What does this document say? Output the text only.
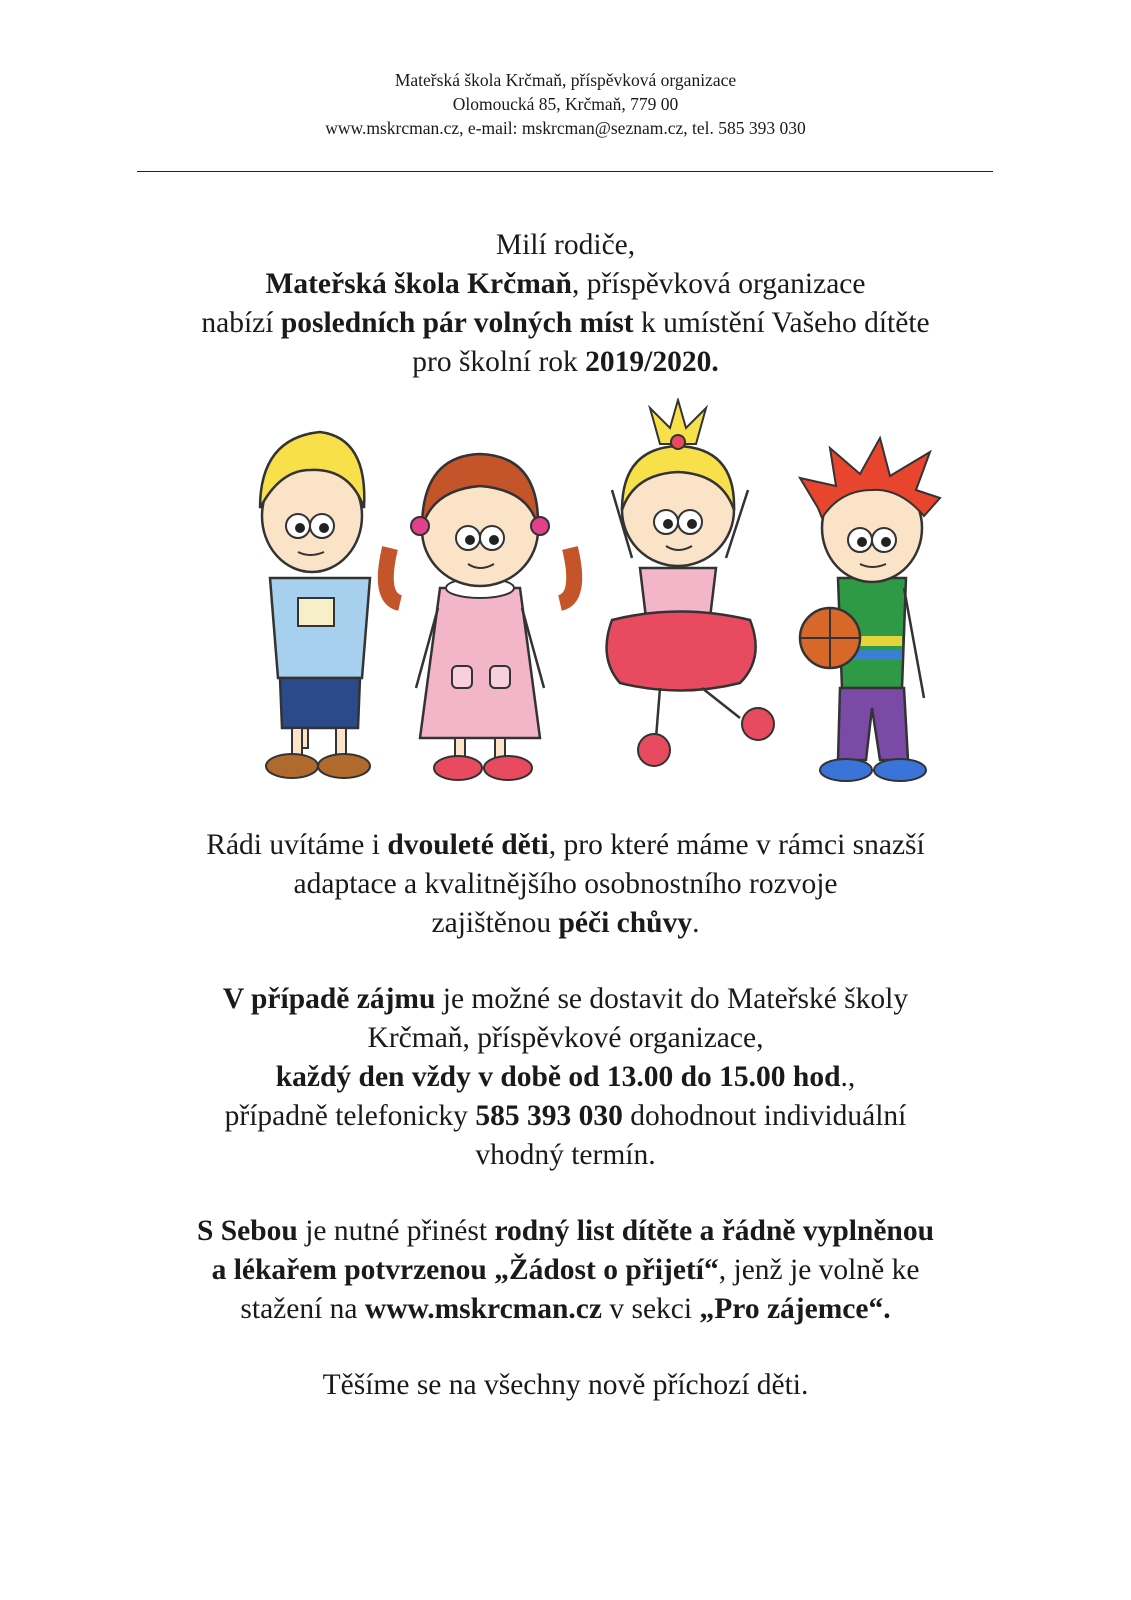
Mateřská škola Krčmaň, příspěvková organizace
Olomoucká 85, Krčmaň, 779 00
www.mskrcman.cz, e-mail: mskrcman@seznam.cz, tel. 585 393 030

Milí rodiče,

Mateřská škola Krčmaň, příspěvková organizace

nabízí posledních pár volných míst k umístění Vašeho dítěte

pro školní rok 2019/2020.

Rádi uvítáme i dvouleté děti, pro které máme v rámci snazší

adaptace a kvalitnějšího osobnostního rozvoje

zajištěnou péči chůvy.

V případě zájmu je možné se dostavit do Mateřské školy

Krčmaň, příspěvkové organizace,

každý den vždy v době od 13.00 do 15.00 hod.,

případně telefonicky 585 393 030 dohodnout individuální

vhodný termín.

S Sebou je nutné přinést rodný list dítěte a řádně vyplněnou

a lékařem potvrzenou „Žádost o přijetí“, jenž je volně ke

stažení na www.mskrcman.cz v sekci „Pro zájemce“.

Těšíme se na všechny nově příchozí děti.
